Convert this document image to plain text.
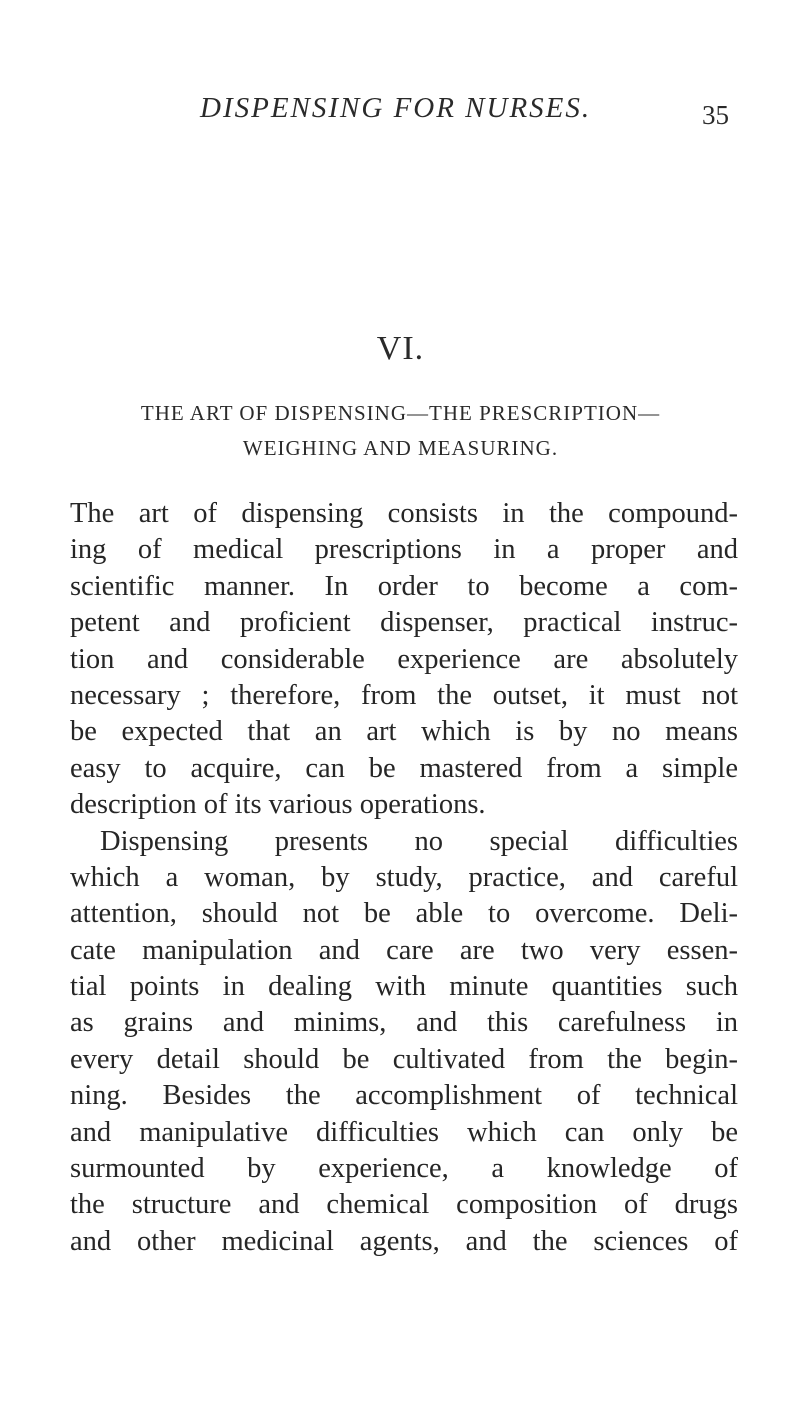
DISPENSING FOR NURSES.	35
VI.
THE ART OF DISPENSING—THE PRESCRIPTION—
WEIGHING AND MEASURING.
The art of dispensing consists in the compound-
ing of medical prescriptions in a proper and
scientific manner. In order to become a com-
petent and proficient dispenser, practical instruc-
tion and considerable experience are absolutely
necessary ; therefore, from the outset, it must not
be expected that an art which is by no means
easy to acquire, can be mastered from a simple
description of its various operations.
Dispensing presents no special difficulties
which a woman, by study, practice, and careful
attention, should not be able to overcome. Deli-
cate manipulation and care are two very essen-
tial points in dealing with minute quantities such
as grains and minims, and this carefulness in
every detail should be cultivated from the begin-
ning. Besides the accomplishment of technical
and manipulative difficulties which can only be
surmounted by experience, a knowledge of
the structure and chemical composition of drugs
and other medicinal agents, and the sciences of
